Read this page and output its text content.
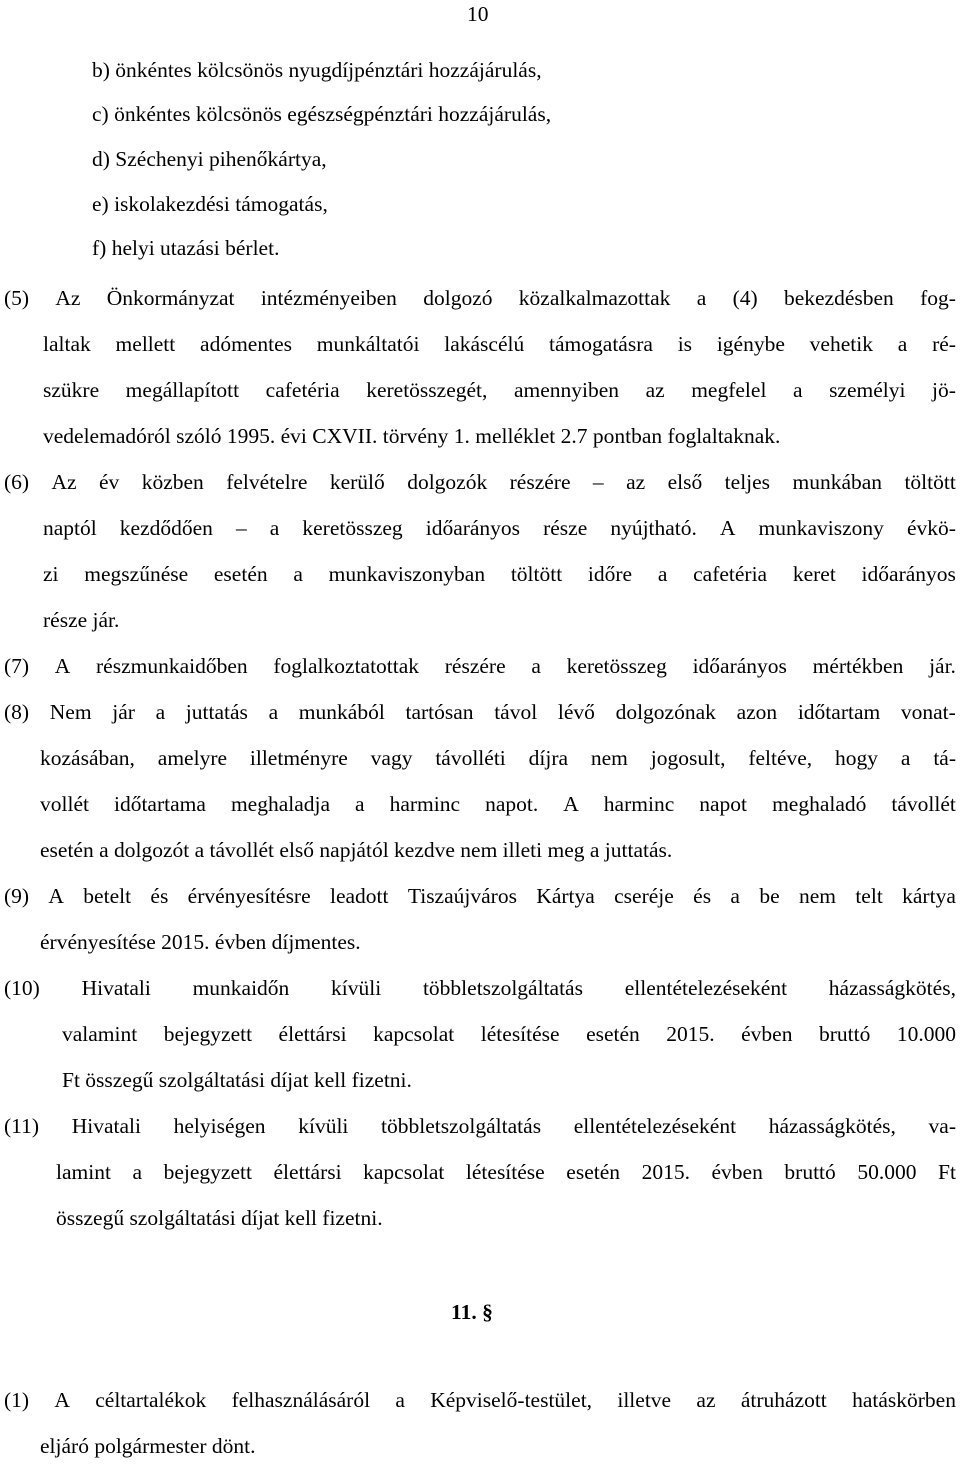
10
b) önkéntes kölcsönös nyugdíjpénztári hozzájárulás,
c) önkéntes kölcsönös egészségpénztári hozzájárulás,
d) Széchenyi pihenőkártya,
e) iskolakezdési támogatás,
f) helyi utazási bérlet.
(5) Az Önkormányzat intézményeiben dolgozó közalkalmazottak a (4) bekezdésben fog-
laltak mellett adómentes munkáltatói lakáscélú támogatásra is igénybe vehetik a ré-
szükre megállapított cafetéria keretösszegét, amennyiben az megfelel a személyi jö-
vedelemadóról szóló 1995. évi CXVII. törvény 1. melléklet 2.7 pontban foglaltaknak.
(6) Az év közben felvételre kerülő dolgozók részére – az első teljes munkában töltött
naptól kezdődően – a keretösszeg időarányos része nyújtható. A munkaviszony évkö-
zi megszűnése esetén a munkaviszonyban töltött időre a cafetéria keret időarányos
része jár.
(7) A részmunkaidőben foglalkoztatottak részére a keretösszeg időarányos mértékben jár.
(8) Nem jár a juttatás a munkából tartósan távol lévő dolgozónak azon időtartam vonat-
kozásában, amelyre illetményre vagy távolléti díjra nem jogosult, feltéve, hogy a tá-
vollét időtartama meghaladja a harminc napot. A harminc napot meghaladó távollét
esetén a dolgozót a távollét első napjától kezdve nem illeti meg a juttatás.
(9) A betelt és érvényesítésre leadott Tiszaújváros Kártya cseréje és a be nem telt kártya
érvényesítése 2015. évben díjmentes.
(10) Hivatali munkaidőn kívüli többletszolgáltatás ellentételezéseként házasságkötés,
valamint bejegyzett élettársi kapcsolat létesítése esetén 2015. évben bruttó 10.000
Ft összegű szolgáltatási díjat kell fizetni.
(11) Hivatali helyiségen kívüli többletszolgáltatás ellentételezéseként házasságkötés, va-
lamint a bejegyzett élettársi kapcsolat létesítése esetén 2015. évben bruttó 50.000 Ft
összegű szolgáltatási díjat kell fizetni.
11. §
(1) A céltartalékok felhasználásáról a Képviselő-testület, illetve az átruházott hatáskörben
eljáró polgármester dönt.
